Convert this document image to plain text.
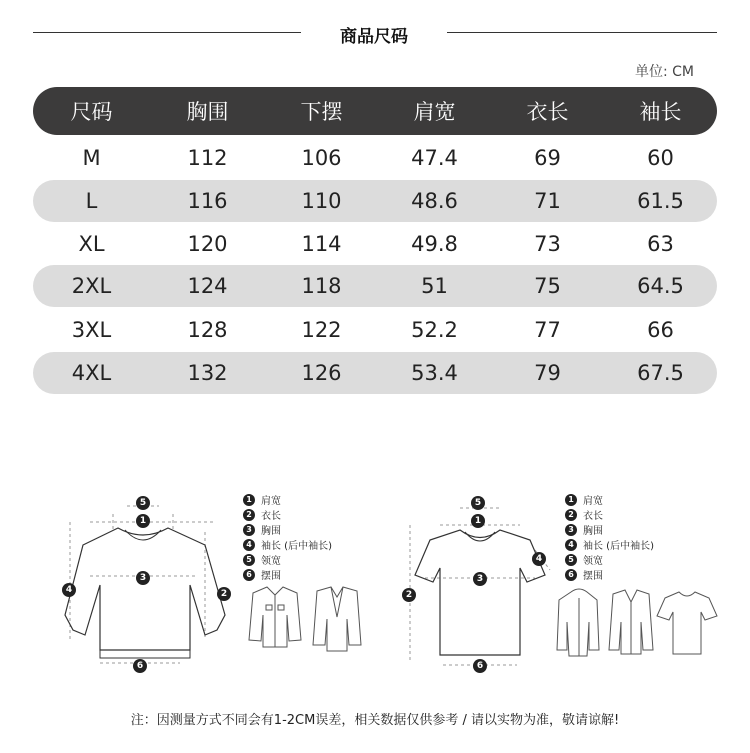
商品尺码
单位: CM
尺码	胸围	下摆	肩宽	衣长	袖长
M	112	106	47.4	69	60
L	116	110	48.6	71	61.5
XL	120	114	49.8	73	63
2XL	124	118	51	75	64.5
3XL	128	122	52.2	77	66
4XL	132	126	53.4	79	67.5
5
1
3
4	2
6
1 肩宽
2 衣长
3 胸围
4 袖长 (后中袖长)
5 领宽
6 摆围
5
1
4
3
2
6
1 肩宽
2 衣长
3 胸围
4 袖长 (后中袖长)
5 领宽
6 摆围
注：因测量方式不同会有1-2CM误差，相关数据仅供参考 / 请以实物为准，敬请谅解!
